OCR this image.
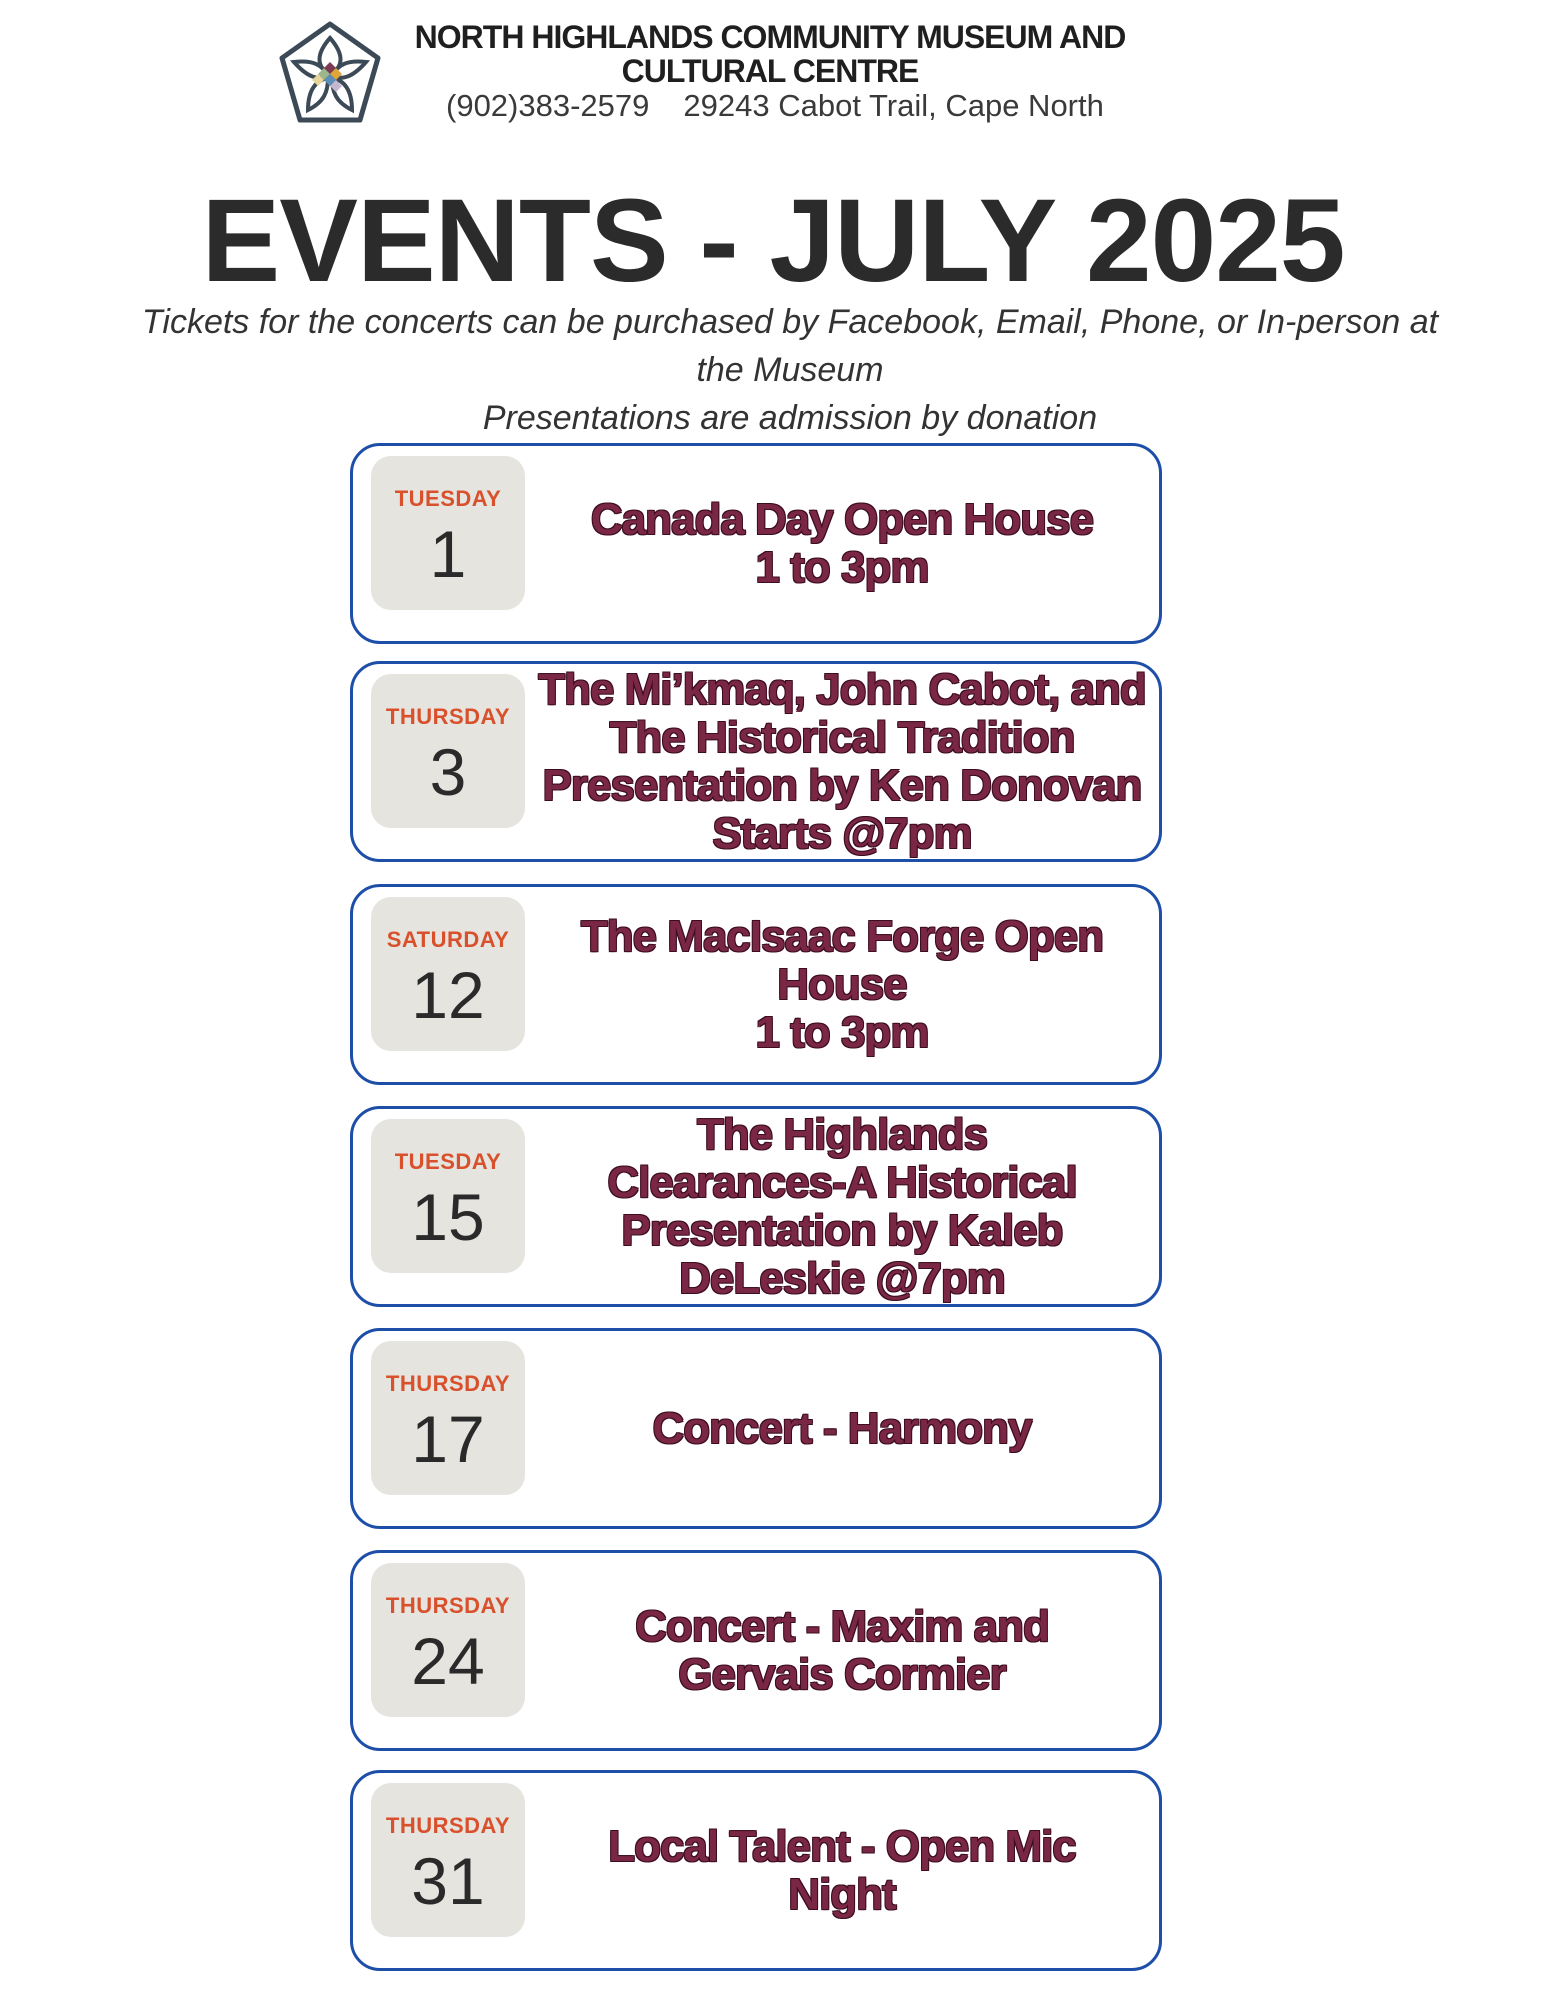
NORTH HIGHLANDS COMMUNITY MUSEUM AND
CULTURAL CENTRE
(902)383-2579 29243 Cabot Trail, Cape North
EVENTS - JULY 2025
Tickets for the concerts can be purchased by Facebook, Email, Phone, or In-person at
the Museum
Presentations are admission by donation
TUESDAY
1	Canada Day Open House
1 to 3pm
THURSDAY
3
The Mi’kmaq, John Cabot, and
The Historical Tradition
Presentation by Ken Donovan
Starts @7pm
SATURDAY
12
The MacIsaac Forge Open
House
1 to 3pm
TUESDAY
15
The Highlands
Clearances-A Historical
Presentation by Kaleb
DeLeskie @7pm
THURSDAY
17	Concert - Harmony
THURSDAY
24	Concert - Maxim and
Gervais Cormier
THURSDAY
31	Local Talent - Open Mic
Night
